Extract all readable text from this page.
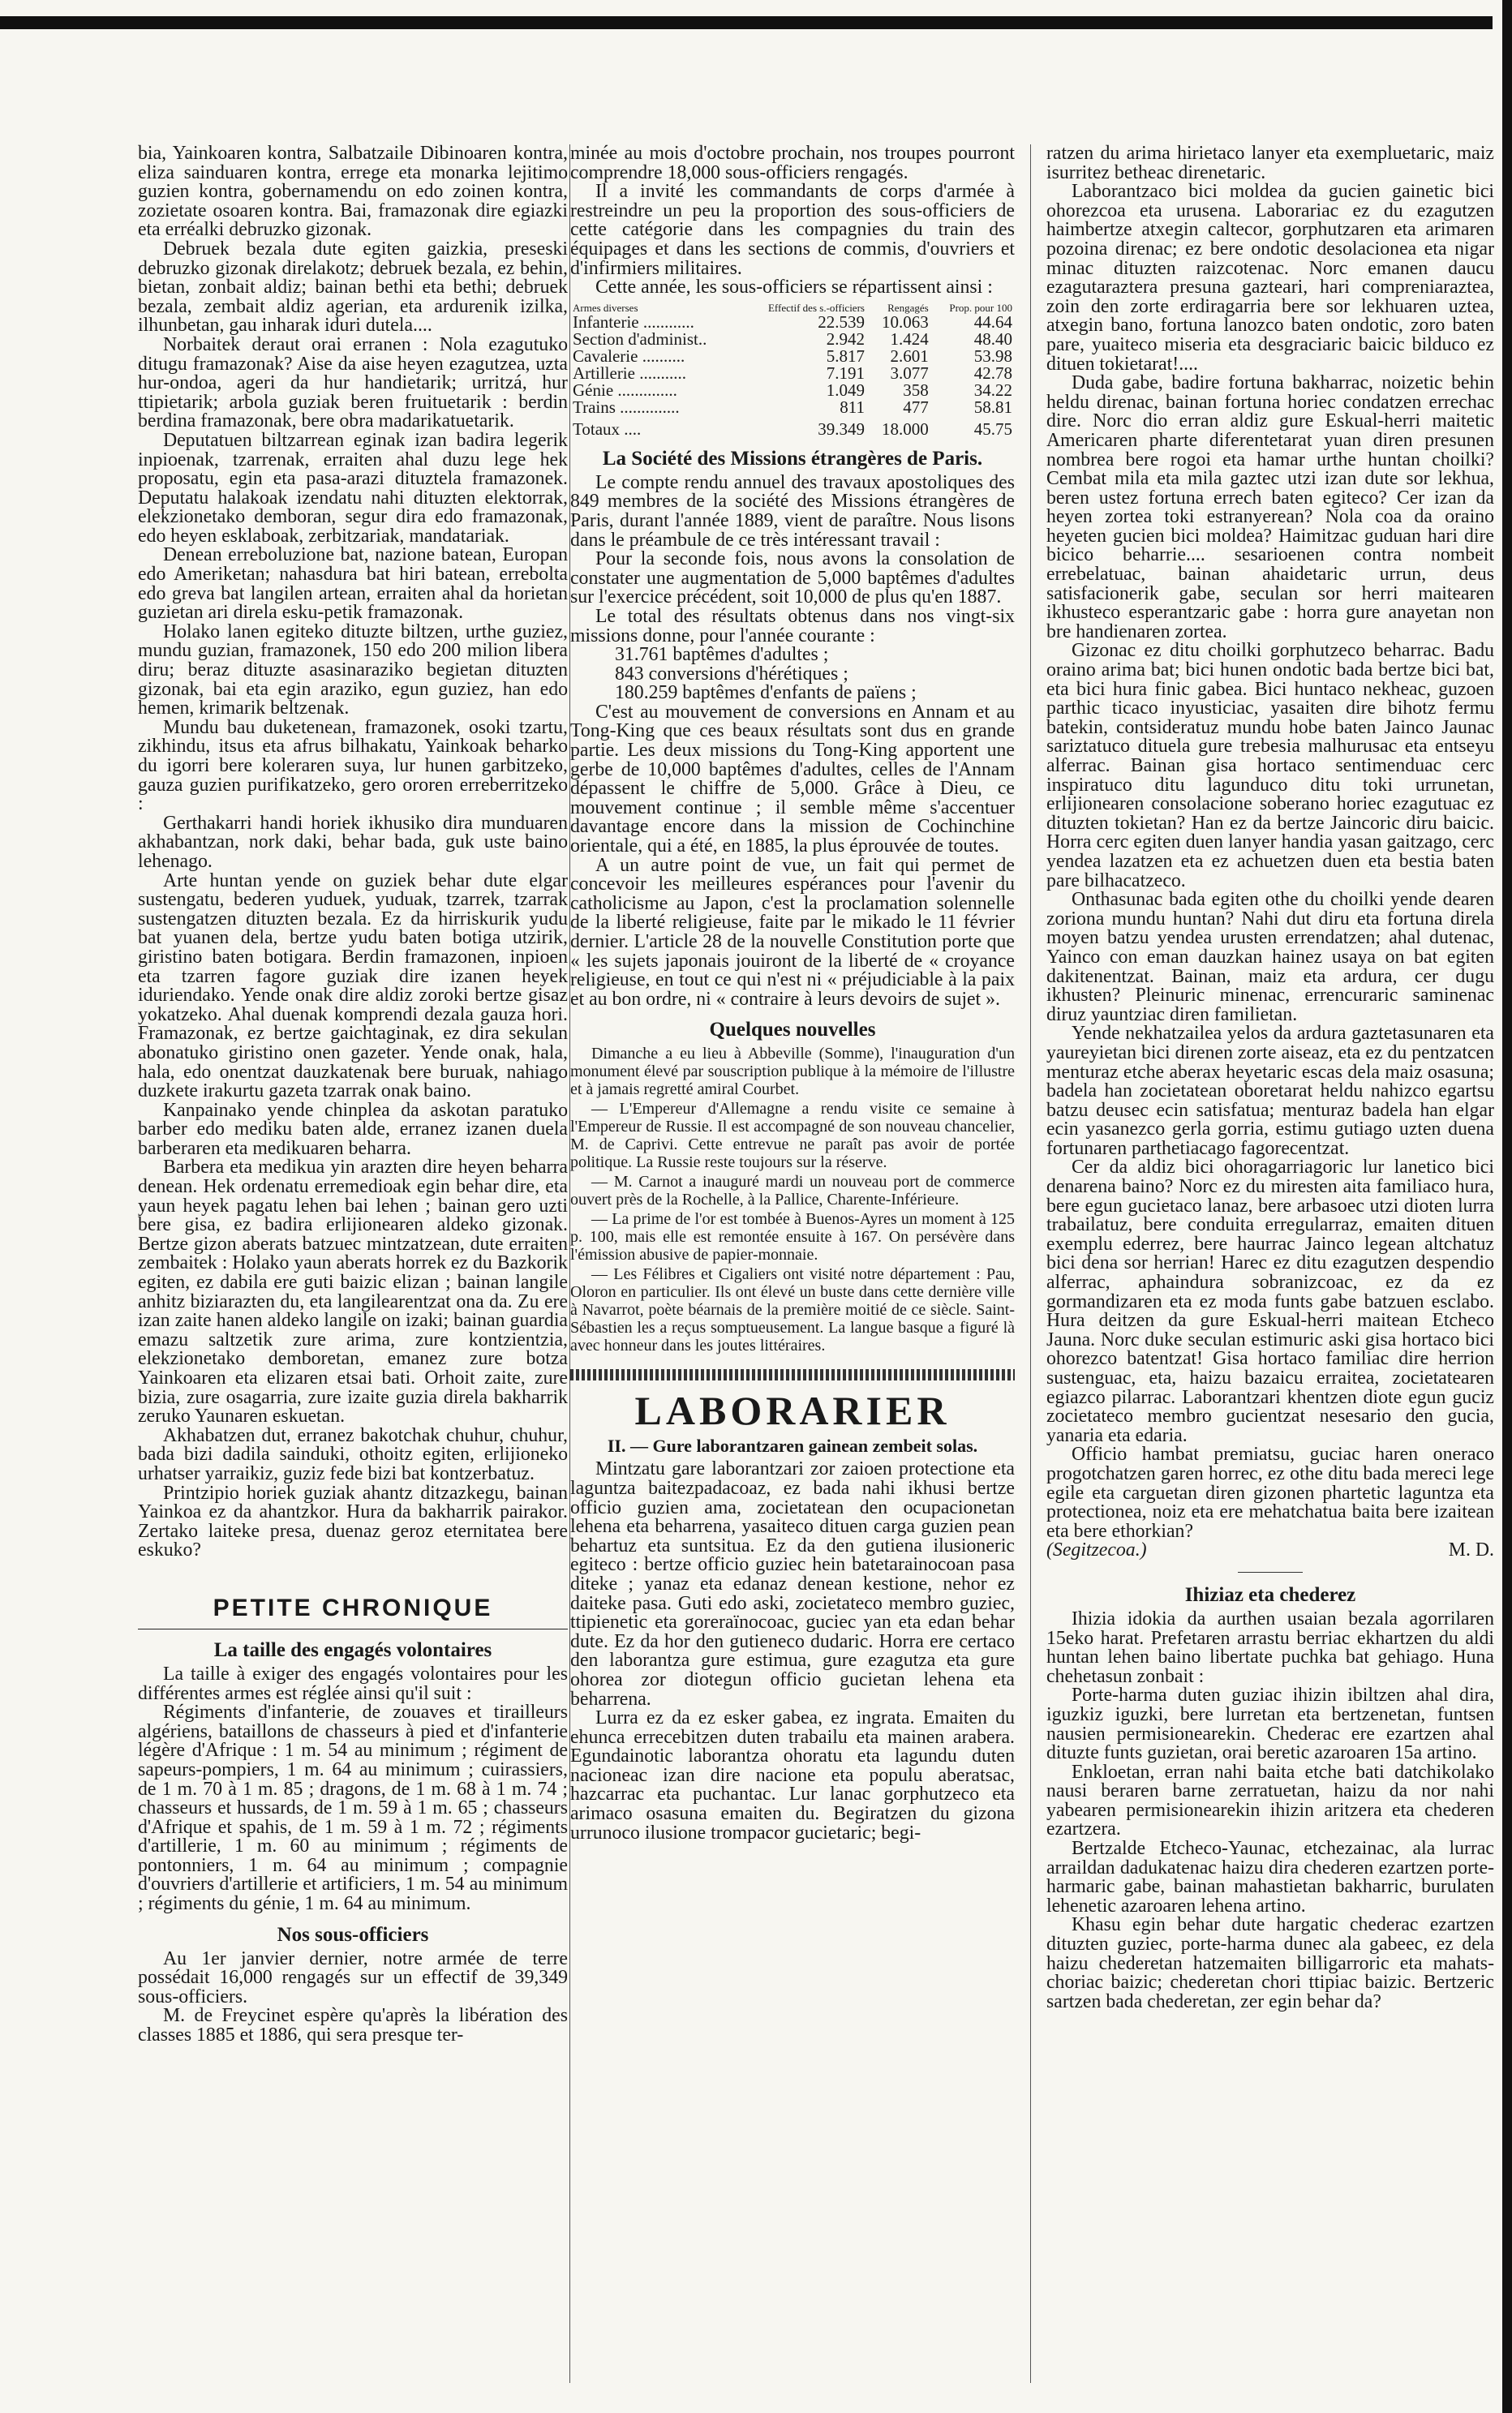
bia, Yainkoaren kontra, Salbatzaile Dibinoaren kontra, eliza sainduaren kontra, errege eta monarka lejitimo guzien kontra, gobernamendu on edo zoinen kontra, zozietate osoaren kontra. Bai, framazonak dire egiazki eta erréalki debruzko gizonak.

Debruek bezala dute egiten gaizkia, preseski debruzko gizonak direlakotz; debruek bezala, ez behin, bietan, zonbait aldiz; bainan bethi eta bethi; debruek bezala, zembait aldiz agerian, eta ardurenik izilka, ilhunbetan, gau inharak iduri dutela....

Norbaitek deraut orai erranen : Nola ezagutuko ditugu framazonak? Aise da aise heyen ezagutzea, uzta hur-ondoa, ageri da hur handietarik; urritzá, hur ttipietarik; arbola guziak beren fruituetarik : berdin berdina framazonak, bere obra madarikatuetarik.

Deputatuen biltzarrean eginak izan badira legerik inpioenak, tzarrenak, erraiten ahal duzu lege hek proposatu, egin eta pasa-arazi dituztela framazonek. Deputatu halakoak izendatu nahi dituzten elektorrak, elekzionetako demboran, segur dira edo framazonak, edo heyen esklaboak, zerbitzariak, mandatariak.

Denean erreboluzione bat, nazione batean, Europan edo Ameriketan; nahasdura bat hiri batean, errebolta edo greva bat langilen artean, erraiten ahal da horietan guzietan ari direla esku-petik framazonak.

Holako lanen egiteko dituzte biltzen, urthe guziez, mundu guzian, framazonek, 150 edo 200 milion libera diru; beraz dituzte asasinaraziko begietan dituzten gizonak, bai eta egin araziko, egun guziez, han edo hemen, krimarik beltzenak.

Mundu bau duketenean, framazonek, osoki tzartu, zikhindu, itsus eta afrus bilhakatu, Yainkoak beharko du igorri bere koleraren suya, lur hunen garbitzeko, gauza guzien purifikatzeko, gero ororen erreberritzeko :

Gerthakarri handi horiek ikhusiko dira munduaren akhabantzan, nork daki, behar bada, guk uste baino lehenago.

Arte huntan yende on guziek behar dute elgar sustengatu, bederen yuduek, yuduak, tzarrek, tzarrak sustengatzen dituzten bezala. Ez da hirriskurik yudu bat yuanen dela, bertze yudu baten botiga utzirik, giristino baten botigara. Berdin framazonen, inpioen eta tzarren fagore guziak dire izanen heyek iduriendako. Yende onak dire aldiz zoroki bertze gisaz yokatzeko. Ahal duenak komprendi dezala gauza hori. Framazonak, ez bertze gaichtaginak, ez dira sekulan abonatuko giristino onen gazeter. Yende onak, hala, hala, edo onentzat dauzkatenak bere buruak, nahiago duzkete irakurtu gazeta tzarrak onak baino.

Kanpainako yende chinplea da askotan paratuko barber edo mediku baten alde, erranez izanen duela barberaren eta medikuaren beharra.

Barbera eta medikua yin arazten dire heyen beharra denean. Hek ordenatu erremedioak egin behar dire, eta yaun heyek pagatu lehen bai lehen ; bainan gero uzti bere gisa, ez badira erlijionearen aldeko gizonak. Bertze gizon aberats batzuec mintzatzean, dute erraiten zembaitek : Holako yaun aberats horrek ez du Bazkorik egiten, ez dabila ere guti baizic elizan ; bainan langile anhitz biziarazten du, eta langilearentzat ona da. Zu ere izan zaite hanen aldeko langile on izaki; bainan guardia emazu saltzetik zure arima, zure kontzientzia, elekzionetako demboretan, emanez zure botza Yainkoaren eta elizaren etsai bati. Orhoit zaite, zure bizia, zure osagarria, zure izaite guzia direla bakharrik zeruko Yaunaren eskuetan.

Akhabatzen dut, erranez bakotchak chuhur, chuhur, bada bizi dadila sainduki, othoitz egiten, erlijioneko urhatser yarraikiz, guziz fede bizi bat kontzerbatuz.

Printzipio horiek guziak ahantz ditzazkegu, bainan Yainkoa ez da ahantzkor. Hura da bakharrik pairakor. Zertako laiteke presa, duenaz geroz eternitatea bere eskuko?

PETITE CHRONIQUE
La taille des engagés volontaires

La taille à exiger des engagés volontaires pour les différentes armes est réglée ainsi qu'il suit :

Régiments d'infanterie, de zouaves et tirailleurs algériens, bataillons de chasseurs à pied et d'infanterie légère d'Afrique : 1 m. 54 au minimum ; régiment de sapeurs-pompiers, 1 m. 64 au minimum ; cuirassiers, de 1 m. 70 à 1 m. 85 ; dragons, de 1 m. 68 à 1 m. 74 ; chasseurs et hussards, de 1 m. 59 à 1 m. 65 ; chasseurs d'Afrique et spahis, de 1 m. 59 à 1 m. 72 ; régiments d'artillerie, 1 m. 60 au minimum ; régiments de pontonniers, 1 m. 64 au minimum ; compagnie d'ouvriers d'artillerie et artificiers, 1 m. 54 au minimum ; régiments du génie, 1 m. 64 au minimum.

Nos sous-officiers

Au 1er janvier dernier, notre armée de terre possédait 16,000 rengagés sur un effectif de 39,349 sous-officiers.

M. de Freycinet espère qu'après la libération des classes 1885 et 1886, qui sera presque ter-

minée au mois d'octobre prochain, nos troupes pourront comprendre 18,000 sous-officiers rengagés.

Il a invité les commandants de corps d'armée à restreindre un peu la proportion des sous-officiers de cette catégorie dans les compagnies du train des équipages et dans les sections de commis, d'ouvriers et d'infirmiers militaires.

Cette année, les sous-officiers se répartissent ainsi :

Armes diverses	Effectif des s.-officiers	Rengagés	Prop. pour 100
Infanterie ............	22.539	10.063	44.64
Section d'administ..	2.942	1.424	48.40
Cavalerie ..........	5.817	2.601	53.98
Artillerie ...........	7.191	3.077	42.78
Génie ..............	1.049	358	34.22
Trains ..............	811	477	58.81
Totaux ....	39.349	18.000	45.75
La Société des Missions étrangères de Paris.

Le compte rendu annuel des travaux apostoliques des 849 membres de la société des Missions étrangères de Paris, durant l'année 1889, vient de paraître. Nous lisons dans le préambule de ce très intéressant travail :

Pour la seconde fois, nous avons la consolation de constater une augmentation de 5,000 baptêmes d'adultes sur l'exercice précédent, soit 10,000 de plus qu'en 1887.

Le total des résultats obtenus dans nos vingt-six missions donne, pour l'année courante :

31.761 baptêmes d'adultes ;

843 conversions d'hérétiques ;

180.259 baptêmes d'enfants de païens ;

C'est au mouvement de conversions en Annam et au Tong-King que ces beaux résultats sont dus en grande partie. Les deux missions du Tong-King apportent une gerbe de 10,000 baptêmes d'adultes, celles de l'Annam dépassent le chiffre de 5,000. Grâce à Dieu, ce mouvement continue ; il semble même s'accentuer davantage encore dans la mission de Cochinchine orientale, qui a été, en 1885, la plus éprouvée de toutes.

A un autre point de vue, un fait qui permet de concevoir les meilleures espérances pour l'avenir du catholicisme au Japon, c'est la proclamation solennelle de la liberté religieuse, faite par le mikado le 11 février dernier. L'article 28 de la nouvelle Constitution porte que « les sujets japonais jouiront de la liberté de « croyance religieuse, en tout ce qui n'est ni « préjudiciable à la paix et au bon ordre, ni « contraire à leurs devoirs de sujet ».

Quelques nouvelles

Dimanche a eu lieu à Abbeville (Somme), l'inauguration d'un monument élevé par souscription publique à la mémoire de l'illustre et à jamais regretté amiral Courbet.

— L'Empereur d'Allemagne a rendu visite ce semaine à l'Empereur de Russie. Il est accompagné de son nouveau chancelier, M. de Caprivi. Cette entrevue ne paraît pas avoir de portée politique. La Russie reste toujours sur la réserve.

— M. Carnot a inauguré mardi un nouveau port de commerce ouvert près de la Rochelle, à la Pallice, Charente-Inférieure.

— La prime de l'or est tombée à Buenos-Ayres un moment à 125 p. 100, mais elle est remontée ensuite à 167. On persévère dans l'émission abusive de papier-monnaie.

— Les Félibres et Cigaliers ont visité notre département : Pau, Oloron en particulier. Ils ont élevé un buste dans cette dernière ville à Navarrot, poète béarnais de la première moitié de ce siècle. Saint-Sébastien les a reçus somptueusement. La langue basque a figuré là avec honneur dans les joutes littéraires.

LABORARIER
II. — Gure laborantzaren gainean zembeit solas.

Mintzatu gare laborantzari zor zaioen protectione eta laguntza baitezpadacoaz, ez bada nahi ikhusi bertze officio guzien ama, zocietatean den ocupacionetan lehena eta beharrena, yasaiteco dituen carga guzien pean behartuz eta suntsitua. Ez da den gutiena ilusioneric egiteco : bertze officio guziec hein batetarainocoan pasa diteke ; yanaz eta edanaz denean kestione, nehor ez daiteke pasa. Guti edo aski, zocietateco membro guziec, ttipienetic eta goreraïnocoac, guciec yan eta edan behar dute. Ez da hor den gutieneco dudaric. Horra ere certaco den laborantza gure estimua, gure ezagutza eta gure ohorea zor diotegun officio gucietan lehena eta beharrena.

Lurra ez da ez esker gabea, ez ingrata. Emaiten du ehunca errecebitzen duten trabailu eta mainen arabera. Egundainotic laborantza ohoratu eta lagundu duten nacioneac izan dire nacione eta populu aberatsac, hazcarrac eta puchantac. Lur lanac gorphutzeco eta arimaco osasuna emaiten du. Begiratzen du gizona urrunoco ilusione trompacor gucietaric; begi-

ratzen du arima hirietaco lanyer eta exempluetaric, maiz isurritez betheac direnetaric.

Laborantzaco bici moldea da gucien gainetic bici ohorezcoa eta urusena. Laborariac ez du ezagutzen haimbertze atxegin caltecor, gorphutzaren eta arimaren pozoina direnac; ez bere ondotic desolacionea eta nigar minac dituzten raizcotenac. Norc emanen daucu ezagutaraztera presuna gazteari, hari compreniaraztea, zoin den zorte erdiragarria bere sor lekhuaren uztea, atxegin bano, fortuna lanozco baten ondotic, zoro baten pare, yuaiteco miseria eta desgraciaric baicic bilduco ez dituen tokietarat!....

Duda gabe, badire fortuna bakharrac, noizetic behin heldu direnac, bainan fortuna horiec condatzen errechac dire. Norc dio erran aldiz gure Eskual-herri maitetic Americaren pharte diferentetarat yuan diren presunen nombrea bere rogoi eta hamar urthe huntan choilki? Cembat mila eta mila gaztec utzi izan dute sor lekhua, beren ustez fortuna errech baten egiteco? Cer izan da heyen zortea toki estranyerean? Nola coa da oraino heyeten gucien bici moldea? Haimitzac guduan hari dire bicico beharrie.... sesarioenen contra nombeit errebelatuac, bainan ahaidetaric urrun, deus satisfacionerik gabe, seculan sor herri maitearen ikhusteco esperantzaric gabe : horra gure anayetan non bre handienaren zortea.

Gizonac ez ditu choilki gorphutzeco beharrac. Badu oraino arima bat; bici hunen ondotic bada bertze bici bat, eta bici hura finic gabea. Bici huntaco nekheac, guzoen parthic ticaco inyusticiac, yasaiten dire bihotz fermu batekin, contsideratuz mundu hobe baten Jainco Jaunac sariztatuco dituela gure trebesia malhurusac eta entseyu alferrac. Bainan gisa hortaco sentimenduac cerc inspiratuco ditu lagunduco ditu toki urrunetan, erlijionearen consolacione soberano horiec ezagutuac ez dituzten tokietan? Han ez da bertze Jaincoric diru baicic. Horra cerc egiten duen lanyer handia yasan gaitzago, cerc yendea lazatzen eta ez achuetzen duen eta bestia baten pare bilhacatzeco.

Onthasunac bada egiten othe du choilki yende dearen zoriona mundu huntan? Nahi dut diru eta fortuna direla moyen batzu yendea urusten errendatzen; ahal dutenac, Yainco con eman dauzkan hainez usaya on bat egiten dakitenentzat. Bainan, maiz eta ardura, cer dugu ikhusten? Pleinuric minenac, errencuraric saminenac diruz yauntziac diren familietan.

Yende nekhatzailea yelos da ardura gaztetasunaren eta yaureyietan bici direnen zorte aiseaz, eta ez du pentzatcen menturaz etche aberax heyetaric escas dela maiz osasuna; badela han zocietatean oboretarat heldu nahizco egartsu batzu deusec ecin satisfatua; menturaz badela han elgar ecin yasanezco gerla gorria, estimu gutiago uzten duena fortunaren parthetiacago fagorecentzat.

Cer da aldiz bici ohoragarriagoric lur lanetico bici denarena baino? Norc ez du miresten aita familiaco hura, bere egun gucietaco lanaz, bere arbasoec utzi dioten lurra trabailatuz, bere conduita erregularraz, emaiten dituen exemplu ederrez, bere haurrac Jainco legean altchatuz bici dena sor herrian! Harec ez ditu ezagutzen despendio alferrac, aphaindura sobranizcoac, ez da ez gormandizaren eta ez moda funts gabe batzuen esclabo. Hura deitzen da gure Eskual-herri maitean Etcheco Jauna. Norc duke seculan estimuric aski gisa hortaco bici ohorezco batentzat! Gisa hortaco familiac dire herrion sustenguac, eta, haizu bazaicu erraitea, zocietatearen egiazco pilarrac. Laborantzari khentzen diote egun guciz zocietateco membro gucientzat nesesario den gucia, yanaria eta edaria.

Officio hambat premiatsu, guciac haren oneraco progotchatzen garen horrec, ez othe ditu bada mereci lege egile eta carguetan diren gizonen phartetic laguntza eta protectionea, noiz eta ere mehatchatua baita bere izaitean eta bere ethorkian?

(Segitzecoa.)	M. D.
Ihiziaz eta chederez

Ihizia idokia da aurthen usaian bezala agorrilaren 15eko harat. Prefetaren arrastu berriac ekhartzen du aldi huntan lehen baino libertate puchka bat gehiago. Huna chehetasun zonbait :

Porte-harma duten guziac ihizin ibiltzen ahal dira, iguzkiz iguzki, bere lurretan eta bertzenetan, funtsen nausien permisionearekin. Chederac ere ezartzen ahal dituzte funts guzietan, orai beretic azaroaren 15a artino.

Enkloetan, erran nahi baita etche bati datchikolako nausi beraren barne zerratuetan, haizu da nor nahi yabearen permisionearekin ihizin aritzera eta chederen ezartzera.

Bertzalde Etcheco-Yaunac, etchezainac, ala lurrac arraildan dadukatenac haizu dira chederen ezartzen porte-harmaric gabe, bainan mahastietan bakharric, burulaten lehenetic azaroaren lehena artino.

Khasu egin behar dute hargatic chederac ezartzen dituzten guziec, porte-harma dunec ala gabeec, ez dela haizu chederetan hatzemaiten billigarroric eta mahats-choriac baizic; chederetan chori ttipiac baizic. Bertzeric sartzen bada chederetan, zer egin behar da?
